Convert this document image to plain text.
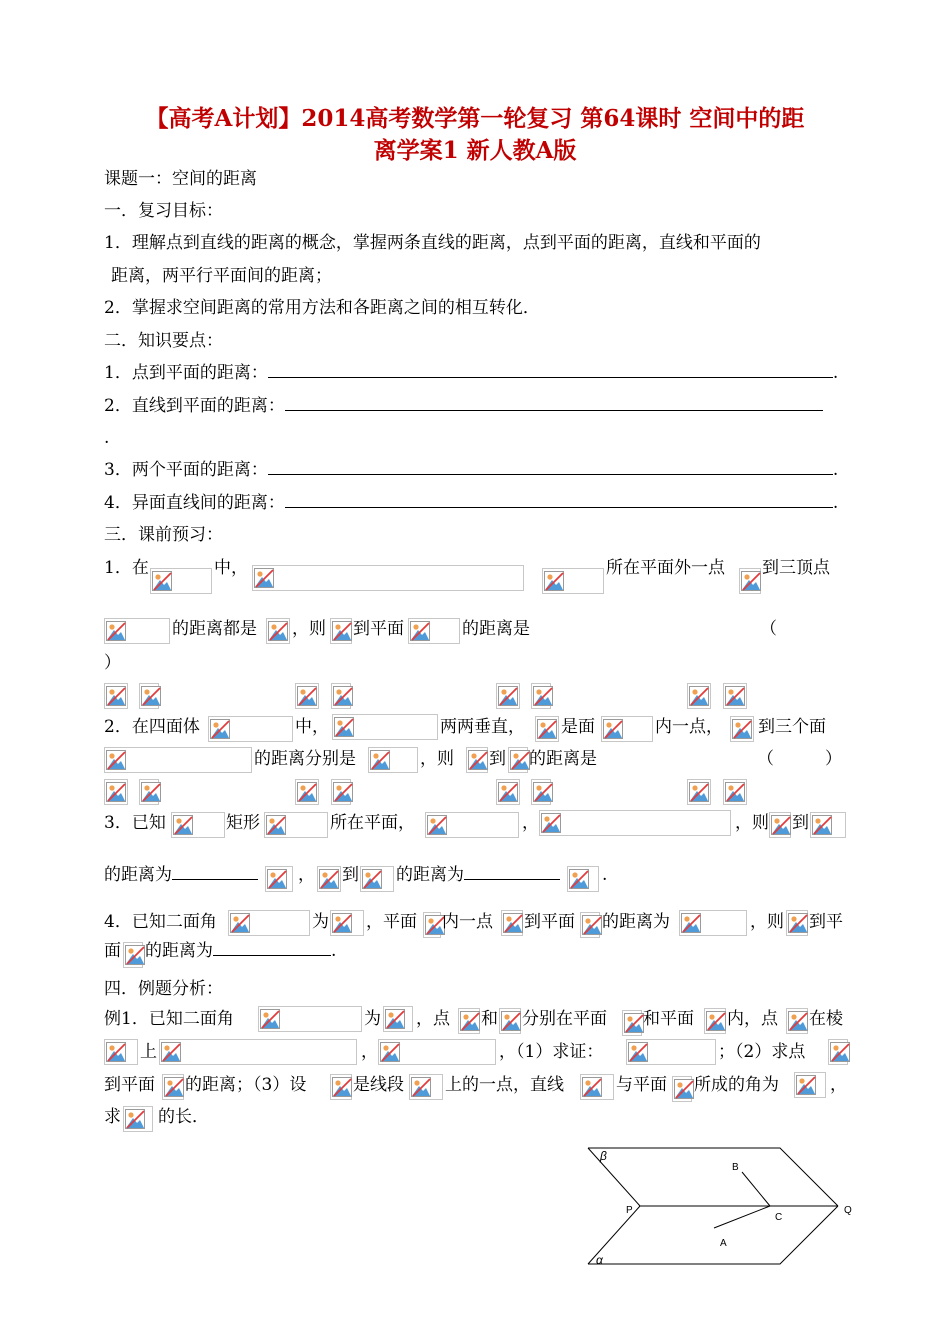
【高考A计划】2014高考数学第一轮复习 第64课时 空间中的距
离学案1 新人教A版
课题一：空间的距离
一．复习目标：
1．理解点到直线的距离的概念，掌握两条直线的距离，点到平面的距离，直线和平面的
距离，两平行平面间的距离；
2．掌握求空间距离的常用方法和各距离之间的相互转化．
二．知识要点：
1．点到平面的距离：	.
2．直线到平面的距离：
.
3．两个平面的距离：	.
4．异面直线间的距离：	.
三．课前预习：
1．在	中，	所在平面外一点 到三顶点
的距离都是 ，则 到平面	的距离是	（
）
2．在四面体	中，	两两垂直， 是面	内一点， 到三个面
的距离分别是	，则 到 的距离是	（　　　）
3．已知	矩形	所在平面，	，	，则 到
的距离为	， 到 的距离为	.
4．已知二面角	为 ，平面 内一点 到平面 的距离为	，则 到平
面 的距离为	.
四．例题分析：
例1．已知二面角	为 ，点 和 分别在平面 和平面 内，点 在棱
上	，	，（1）求证：	；（2）求点
到平面 的距离；（3）设	是线段 上的一点，直线	与平面 所成的角为	，
求 的长．
β
α
P	Q
B
C
A
